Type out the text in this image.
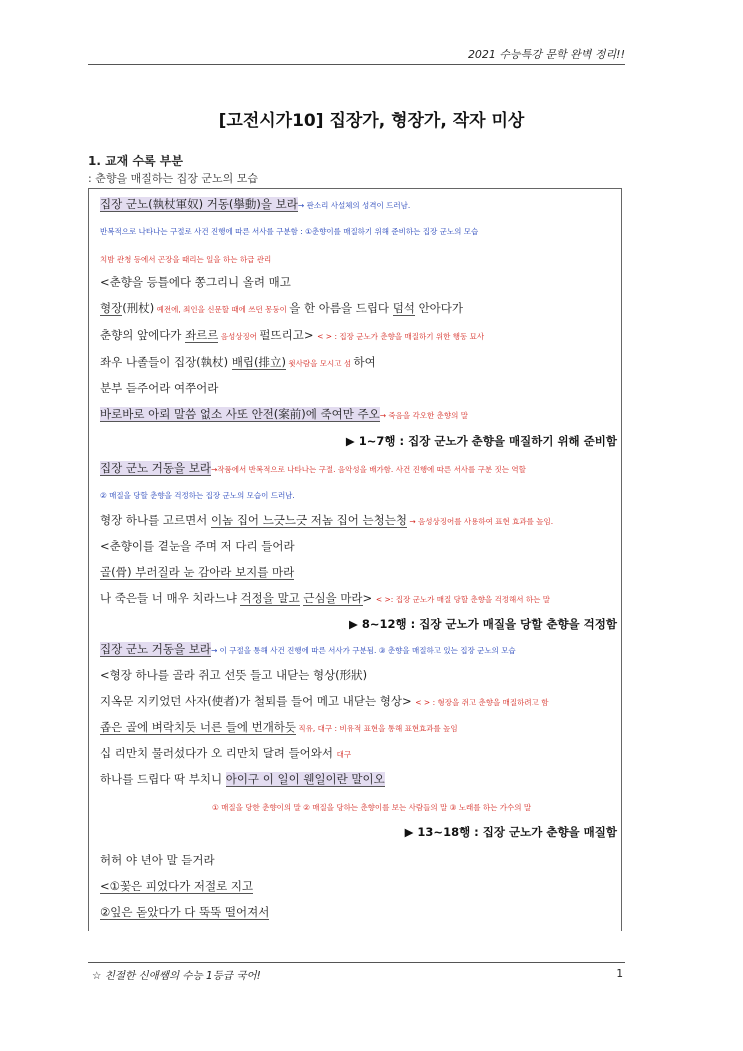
2021 수능특강 문학 완벽 정리!!
[고전시가10] 집장가, 형장가, 작자 미상
1. 교재 수록 부분
: 춘향을 매질하는 집장 군노의 모습
집장 군노(執杖軍奴) 거동(擧動)을 보라→ 판소리 사설체의 성격이 드러남.
반복적으로 나타나는 구절로 사건 진행에 따른 서사를 구분함 : ①춘향이를 매질하기 위해 준비하는 집장 군노의 모습
치밤 관청 등에서 곤장을 때리는 일을 하는 하급 관리
<춘향을 등틀에다 쫑그리니 올려 매고
형장(刑杖) 예전에, 죄인을 신문할 때에 쓰던 몽둥이 을 한 아름을 드립다 덤석 안아다가
춘향의 앞에다가 좌르르 음성상징어 펄뜨리고> < > : 집장 군노가 춘향을 매질하기 위한 행동 묘사
좌우 나졸들이 집장(執杖) 배립(排立) 윗사람을 모시고 섬 하여
분부 듣주어라 여쭈어라
바로바로 아뢰 말씀 없소 사또 안전(案前)에 죽여만 주오→ 죽음을 각오한 춘향의 말
▶ 1~7행 : 집장 군노가 춘향을 매질하기 위해 준비함
집장 군노 거동을 보라→작품에서 반복적으로 나타나는 구절. 음악성을 배가함. 사건 진행에 따른 서사를 구분 짓는 역할
② 매질을 당할 춘향을 걱정하는 집장 군노의 모습이 드러남.
형장 하나를 고르면서 이놈 집어 느긋느긋 저놈 집어 는청는청 → 음성상징어를 사용하여 표현 효과를 높임.
<춘향이를 곁눈을 주며 저 다리 들어라
골(骨) 부러질라 눈 감아라 보지를 마라
나 죽은들 너 매우 치라느냐 걱정을 말고 근심을 마라> < >: 집장 군노가 매질 당할 춘향을 걱정해서 하는 말
▶ 8~12행 : 집장 군노가 매질을 당할 춘향을 걱정함
집장 군노 거동을 보라→ 이 구절을 통해 사건 진행에 따른 서사가 구분됨. ③ 춘향을 매질하고 있는 집장 군노의 모습
<형장 하나를 골라 쥐고 선뜻 들고 내닫는 형상(形狀)
지옥문 지키었던 사자(使者)가 철퇴를 들어 메고 내닫는 형상> < > : 형장을 쥐고 춘향을 매질하려고 함
좁은 골에 벼락치듯 너른 들에 번개하듯 직유, 대구 : 비유적 표현을 통해 표현효과를 높임
십 리만치 물러섰다가 오 리만치 달려 들어와서 대구
하나를 드립다 딱 부치니 아이구 이 일이 웬일이란 말이오
① 매질을 당한 춘향이의 말 ② 매질을 당하는 춘향이를 보는 사람들의 말 ③ 노래를 하는 가수의 말
▶ 13~18행 : 집장 군노가 춘향을 매질함
허허 야 년아 말 듣거라
<①꽃은 피었다가 저절로 지고
②잎은 돋았다가 다 뚝뚝 떨어져서
☆ 친절한 신애쌤의 수능 1등급 국어!	1
